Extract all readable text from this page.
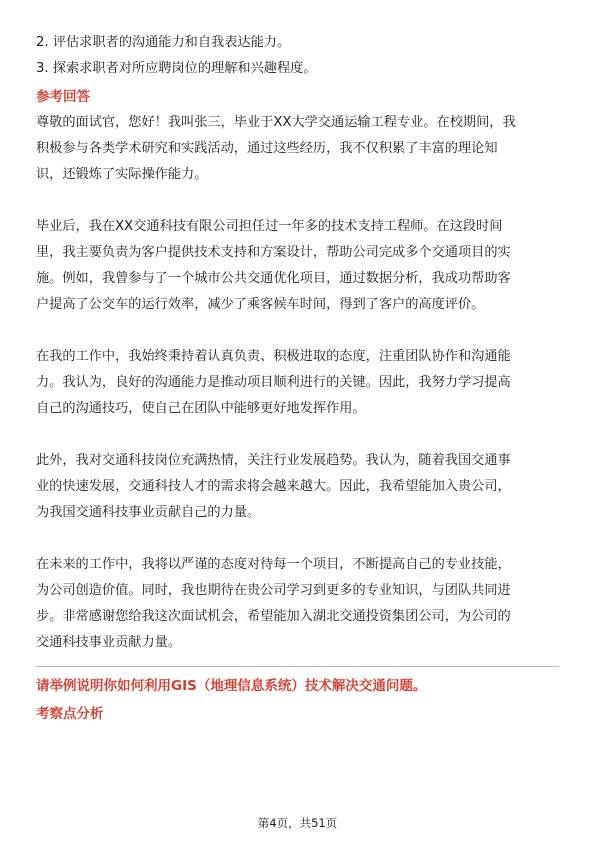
2. 评估求职者的沟通能力和自我表达能力。

3. 探索求职者对所应聘岗位的理解和兴趣程度。

参考回答

尊敬的面试官，您好！我叫张三，毕业于XX大学交通运输工程专业。在校期间，我

积极参与各类学术研究和实践活动，通过这些经历，我不仅积累了丰富的理论知

识，还锻炼了实际操作能力。

毕业后，我在XX交通科技有限公司担任过一年多的技术支持工程师。在这段时间

里，我主要负责为客户提供技术支持和方案设计，帮助公司完成多个交通项目的实

施。例如，我曾参与了一个城市公共交通优化项目，通过数据分析，我成功帮助客

户提高了公交车的运行效率，减少了乘客候车时间，得到了客户的高度评价。

在我的工作中，我始终秉持着认真负责、积极进取的态度，注重团队协作和沟通能

力。我认为，良好的沟通能力是推动项目顺利进行的关键。因此，我努力学习提高

自己的沟通技巧，使自己在团队中能够更好地发挥作用。

此外，我对交通科技岗位充满热情，关注行业发展趋势。我认为，随着我国交通事

业的快速发展，交通科技人才的需求将会越来越大。因此，我希望能加入贵公司，

为我国交通科技事业贡献自己的力量。

在未来的工作中，我将以严谨的态度对待每一个项目，不断提高自己的专业技能，

为公司创造价值。同时，我也期待在贵公司学习到更多的专业知识，与团队共同进

步。非常感谢您给我这次面试机会，希望能加入湖北交通投资集团公司，为公司的

交通科技事业贡献力量。

请举例说明你如何利用GIS（地理信息系统）技术解决交通问题。

考察点分析

第4页，共51页
